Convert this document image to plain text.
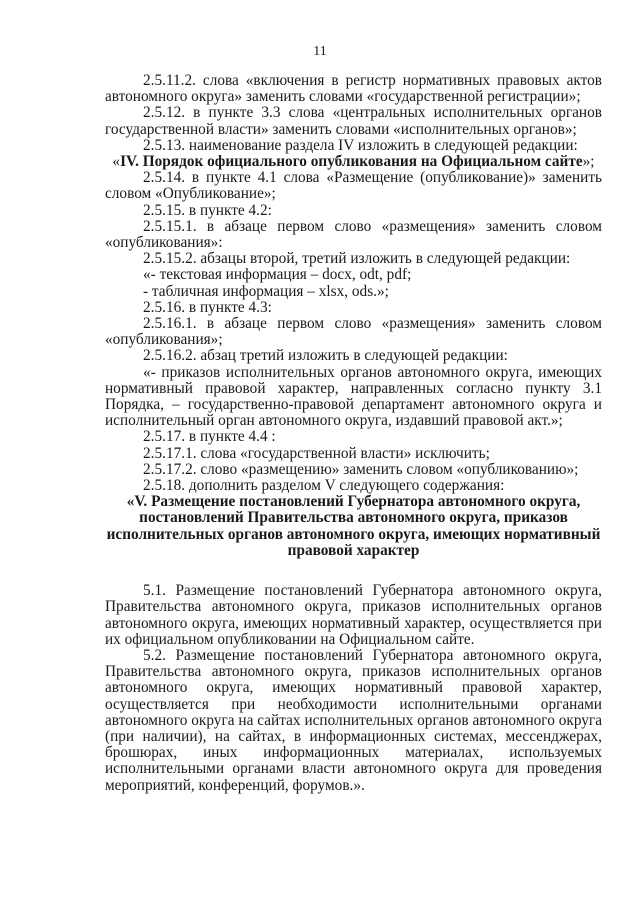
11

2.5.11.2. слова «включения в регистр нормативных правовых актов автономного округа» заменить словами «государственной регистрации»;

2.5.12. в пункте 3.3 слова «центральных исполнительных органов государственной власти» заменить словами «исполнительных органов»;

2.5.13. наименование раздела IV изложить в следующей редакции:

«IV. Порядок официального опубликования на Официальном сайте»;

2.5.14. в пункте 4.1 слова «Размещение (опубликование)» заменить словом «Опубликование»;

2.5.15. в пункте 4.2:

2.5.15.1. в абзаце первом слово «размещения» заменить словом «опубликования»:

2.5.15.2. абзацы второй, третий изложить в следующей редакции:

«- текстовая информация – docx, odt, pdf;

- табличная информация – xlsx, ods.»;

2.5.16. в пункте 4.3:

2.5.16.1. в абзаце первом слово «размещения» заменить словом «опубликования»;

2.5.16.2. абзац третий изложить в следующей редакции:

«- приказов исполнительных органов автономного округа, имеющих нормативный правовой характер, направленных согласно пункту 3.1 Порядка, – государственно-правовой департамент автономного округа и исполнительный орган автономного округа, издавший правовой акт.»;

2.5.17. в пункте 4.4 :

2.5.17.1. слова «государственной власти» исключить;

2.5.17.2. слово «размещению» заменить словом «опубликованию»;

2.5.18. дополнить разделом V следующего содержания:

«V. Размещение постановлений Губернатора автономного округа, постановлений Правительства автономного округа, приказов исполнительных органов автономного округа, имеющих нормативный правовой характер

5.1. Размещение постановлений Губернатора автономного округа, Правительства автономного округа, приказов исполнительных органов автономного округа, имеющих нормативный характер, осуществляется при их официальном опубликовании на Официальном сайте.

5.2. Размещение постановлений Губернатора автономного округа, Правительства автономного округа, приказов исполнительных органов автономного округа, имеющих нормативный правовой характер, осуществляется при необходимости исполнительными органами автономного округа на сайтах исполнительных органов автономного округа (при наличии), на сайтах, в информационных системах, мессенджерах, брошюрах, иных информационных материалах, используемых исполнительными органами власти автономного округа для проведения мероприятий, конференций, форумов.».
